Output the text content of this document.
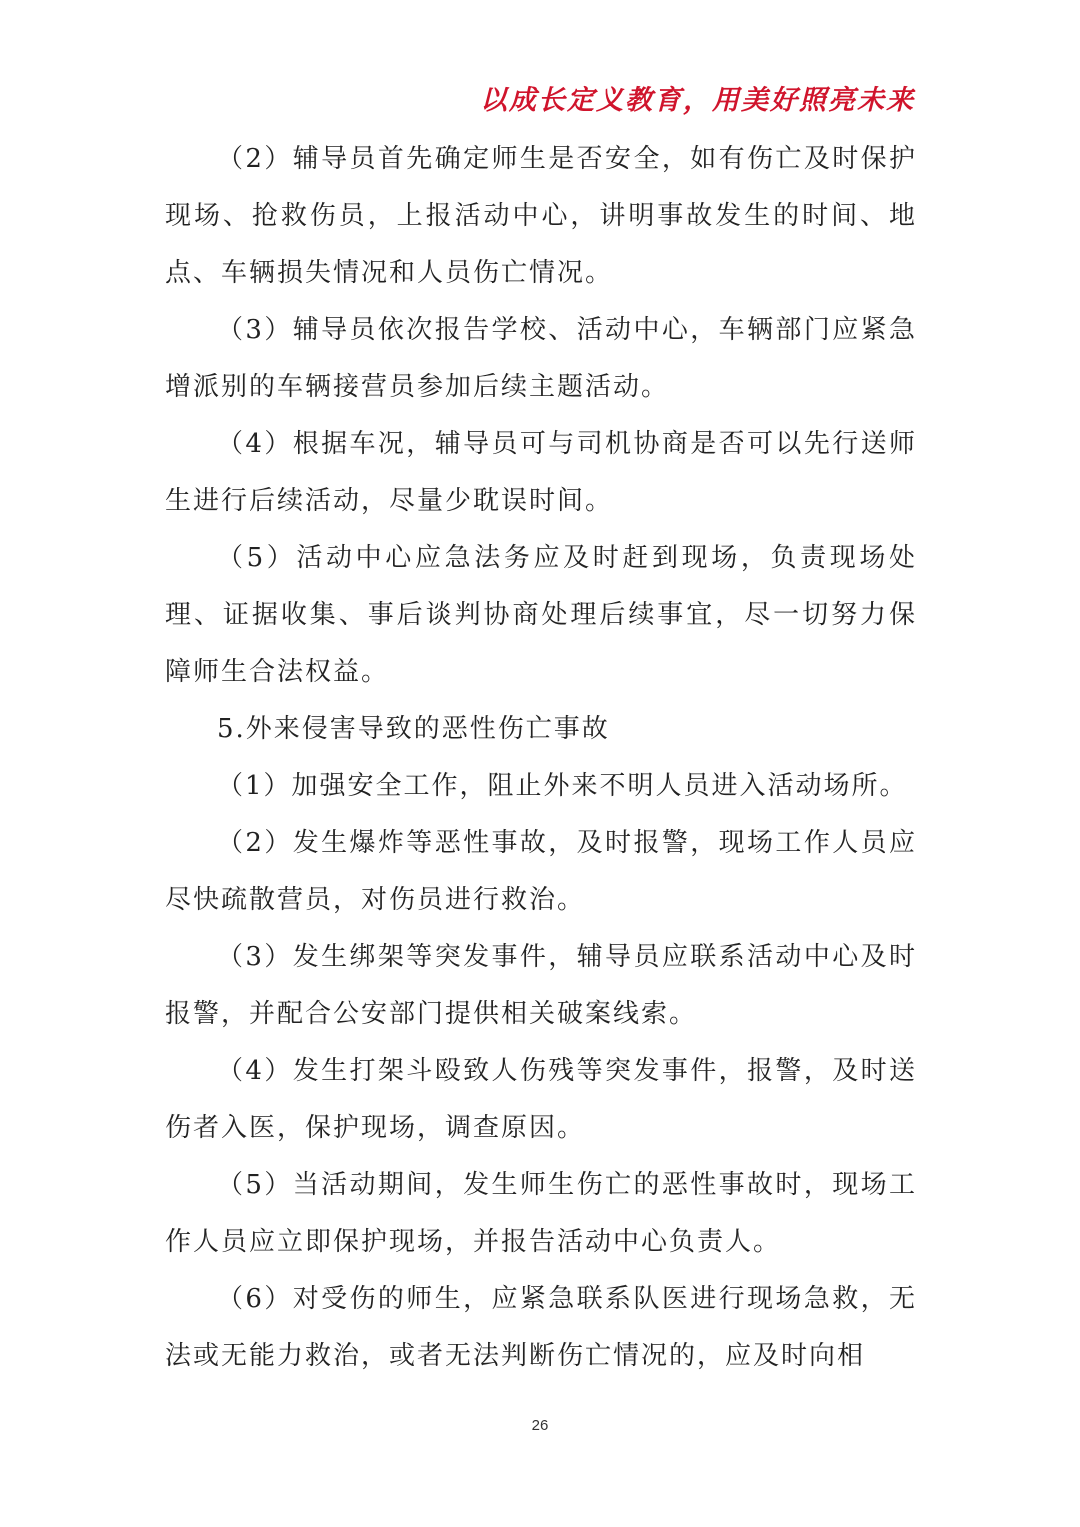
以成长定义教育，用美好照亮未来

（2）辅导员首先确定师生是否安全，如有伤亡及时保护现场、抢救伤员，上报活动中心，讲明事故发生的时间、地点、车辆损失情况和人员伤亡情况。

（3）辅导员依次报告学校、活动中心，车辆部门应紧急增派别的车辆接营员参加后续主题活动。

（4）根据车况，辅导员可与司机协商是否可以先行送师生进行后续活动，尽量少耽误时间。

（5）活动中心应急法务应及时赶到现场，负责现场处理、证据收集、事后谈判协商处理后续事宜，尽一切努力保障师生合法权益。

5.外来侵害导致的恶性伤亡事故

（1）加强安全工作，阻止外来不明人员进入活动场所。

（2）发生爆炸等恶性事故，及时报警，现场工作人员应尽快疏散营员，对伤员进行救治。

（3）发生绑架等突发事件，辅导员应联系活动中心及时报警，并配合公安部门提供相关破案线索。

（4）发生打架斗殴致人伤残等突发事件，报警，及时送伤者入医，保护现场，调查原因。

（5）当活动期间，发生师生伤亡的恶性事故时，现场工作人员应立即保护现场，并报告活动中心负责人。

（6）对受伤的师生，应紧急联系队医进行现场急救，无法或无能力救治，或者无法判断伤亡情况的，应及时向相

26
